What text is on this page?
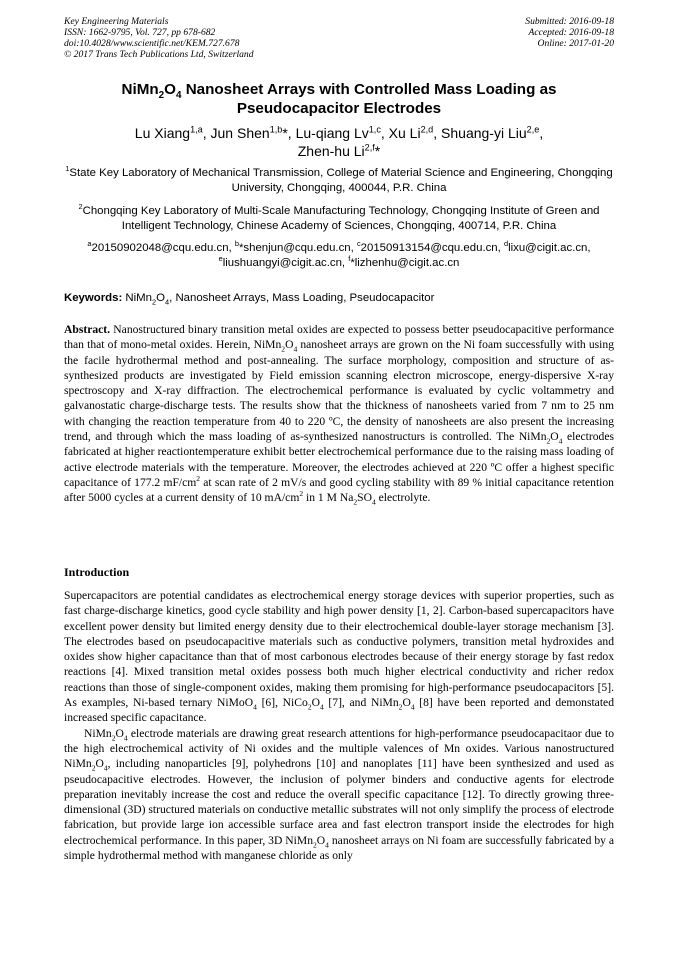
Key Engineering Materials
ISSN: 1662-9795, Vol. 727, pp 678-682
doi:10.4028/www.scientific.net/KEM.727.678
© 2017 Trans Tech Publications Ltd, Switzerland
Submitted: 2016-09-18
Accepted: 2016-09-18
Online: 2017-01-20
$NiMn_2O_4$ Nanosheet Arrays with Controlled Mass Loading as
Pseudocapacitor Electrodes
Lu Xiang$^{1,a}$, Jun Shen$^{1,b}$*, Lu-qiang Lv$^{1,c}$, Xu Li$^{2,d}$, Shuang-yi Liu$^{2,e}$,
Zhen-hu Li$^{2,f}$*
$^1$State Key Laboratory of Mechanical Transmission, College of Material Science and Engineering, Chongqing University, Chongqing, 400044, P.R. China
$^2$Chongqing Key Laboratory of Multi-Scale Manufacturing Technology, Chongqing Institute of Green and Intelligent Technology, Chinese Academy of Sciences, Chongqing, 400714, P.R. China
$^a$20150902048@cqu.edu.cn, $^b$*shenjun@cqu.edu.cn, $^c$20150913154@cqu.edu.cn, $^d$lixu@cigit.ac.cn,
$^e$liushuangyi@cigit.ac.cn, $^f$*lizhenhu@cigit.ac.cn
Keywords: $NiMn_2O_4$, Nanosheet Arrays, Mass Loading, Pseudocapacitor
Abstract. Nanostructured binary transition metal oxides are expected to possess better pseudocapacitive performance than that of mono-metal oxides. Herein, $NiMn_2O_4$ nanosheet arrays are grown on the Ni foam successfully with using the facile hydrothermal method and post-annealing. The surface morphology, composition and structure of as-synthesized products are investigated by Field emission scanning electron microscope, energy-dispersive X-ray spectroscopy and X-ray diffraction. The electrochemical performance is evaluated by cyclic voltammetry and galvanostatic charge-discharge tests. The results show that the thickness of nanosheets varied from 7 nm to 25 nm with changing the reaction temperature from 40 to 220 ºC, the density of nanosheets are also present the increasing trend, and through which the mass loading of as-synthesized nanostructurs is controlled. The $NiMn_2O_4$ electrodes fabricated at higher reactiontemperature exhibit better electrochemical performance due to the raising mass loading of active electrode materials with the temperature. Moreover, the electrodes achieved at 220 ºC offer a highest specific capacitance of 177.2 $mF/cm^2$ at scan rate of 2 mV/s and good cycling stability with 89 % initial capacitance retention after 5000 cycles at a current density of 10 $mA/cm^2$ in 1 M $Na_2SO_4$ electrolyte.
Introduction
Supercapacitors are potential candidates as electrochemical energy storage devices with superior properties, such as fast charge-discharge kinetics, good cycle stability and high power density [1, 2]. Carbon-based supercapacitors have excellent power density but limited energy density due to their electrochemical double-layer storage mechanism [3]. The electrodes based on pseudocapacitive materials such as conductive polymers, transition metal hydroxides and oxides show higher capacitance than that of most carbonous electrodes because of their energy storage by fast redox reactions [4]. Mixed transition metal oxides possess both much higher electrical conductivity and richer redox reactions than those of single-component oxides, making them promising for high-performance pseudocapacitors [5]. As examples, Ni-based ternary NiMoO$_4$ [6], $NiCo_2O_4$ [7], and $NiMn_2O_4$ [8] have been reported and demonstated increased specific capacitance.
$NiMn_2O_4$ electrode materials are drawing great research attentions for high-performance pseudocapacitaor due to the high electrochemical activity of Ni oxides and the multiple valences of Mn oxides. Various nanostructured $NiMn_2O_4$, including nanoparticles [9], polyhedrons [10] and nanoplates [11] have been synthesized and used as pseudocapacitive electrodes. However, the inclusion of polymer binders and conductive agents for electrode preparation inevitably increase the cost and reduce the overall specific capacitance [12]. To directly growing three-dimensional (3D) structured materials on conductive metallic substrates will not only simplify the process of electrode fabrication, but provide large ion accessible surface area and fast electron transport inside the electrodes for high electrochemical performance. In this paper, 3D $NiMn_2O_4$ nanosheet arrays on Ni foam are successfully fabricated by a simple hydrothermal method with manganese chloride as only
